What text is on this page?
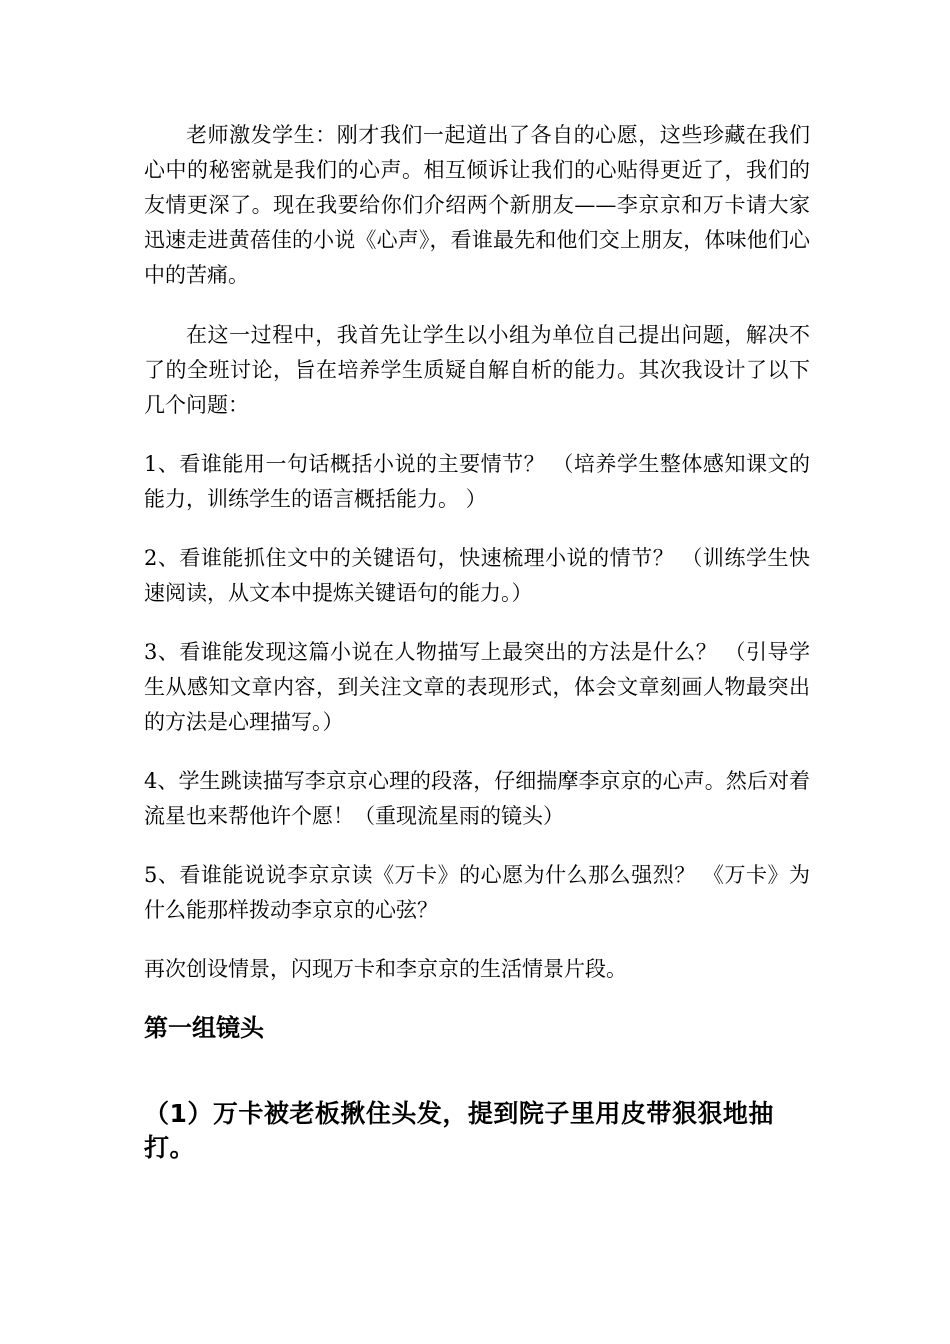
老师激发学生：刚才我们一起道出了各自的心愿，这些珍藏在我们心中的秘密就是我们的心声。相互倾诉让我们的心贴得更近了，我们的友情更深了。现在我要给你们介绍两个新朋友——李京京和万卡请大家迅速走进黄蓓佳的小说《心声》，看谁最先和他们交上朋友，体味他们心中的苦痛。

在这一过程中，我首先让学生以小组为单位自己提出问题，解决不了的全班讨论，旨在培养学生质疑自解自析的能力。其次我设计了以下几个问题：

1、看谁能用一句话概括小说的主要情节？ （培养学生整体感知课文的能力，训练学生的语言概括能力。 ）

2、看谁能抓住文中的关键语句，快速梳理小说的情节？ （训练学生快速阅读，从文本中提炼关键语句的能力。）

3、看谁能发现这篇小说在人物描写上最突出的方法是什么？ （引导学生从感知文章内容，到关注文章的表现形式，体会文章刻画人物最突出的方法是心理描写。）

4、学生跳读描写李京京心理的段落，仔细揣摩李京京的心声。然后对着流星也来帮他许个愿！（重现流星雨的镜头）

5、看谁能说说李京京读《万卡》的心愿为什么那么强烈？ 《万卡》为什么能那样拨动李京京的心弦？

再次创设情景，闪现万卡和李京京的生活情景片段。

第一组镜头

（1）万卡被老板揪住头发，提到院子里用皮带狠狠地抽打。
